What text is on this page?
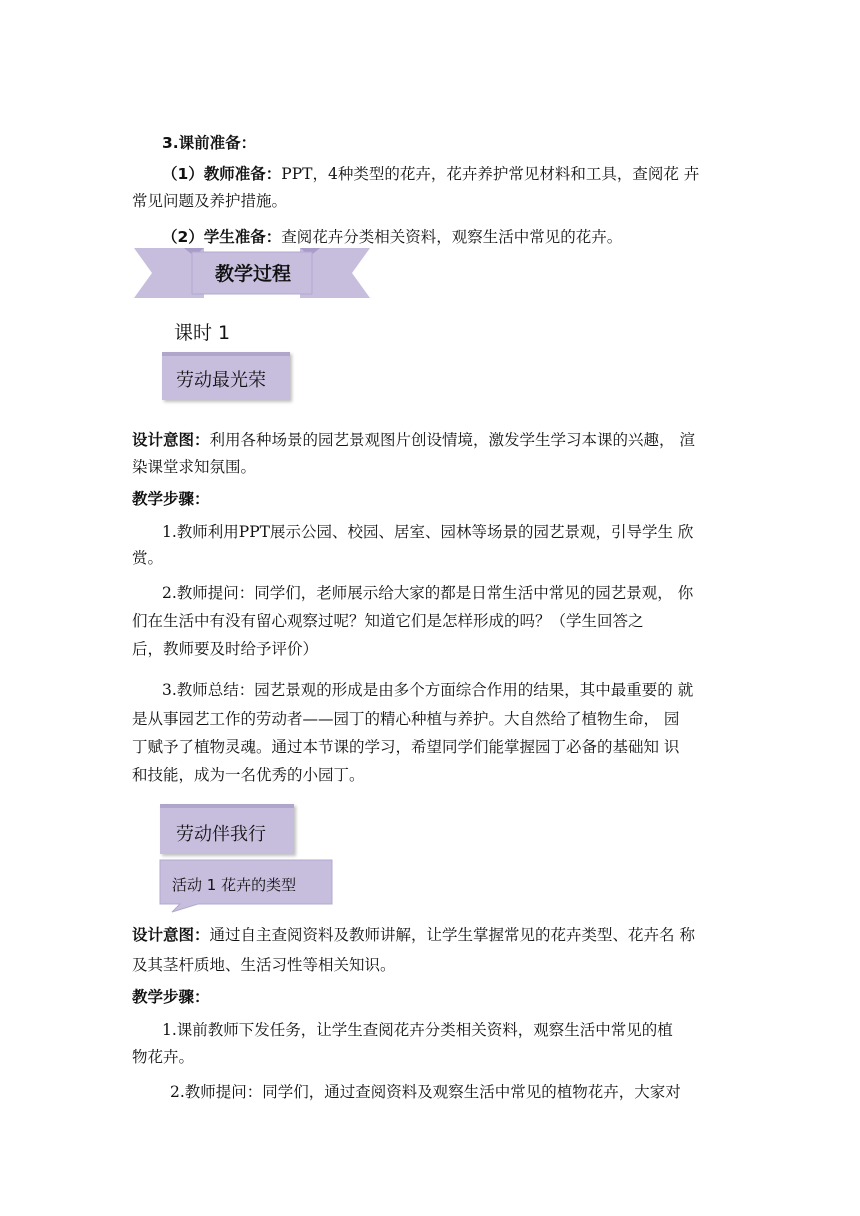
3.课前准备：
（1）教师准备：PPT，4种类型的花卉，花卉养护常见材料和工具，查阅花 卉
常见问题及养护措施。
（2）学生准备：查阅花卉分类相关资料，观察生活中常见的花卉。
教学过程
课时 1
劳动最光荣
设计意图：利用各种场景的园艺景观图片创设情境，激发学生学习本课的兴趣， 渲
染课堂求知氛围。
教学步骤：
1.教师利用PPT展示公园、校园、居室、园林等场景的园艺景观，引导学生 欣
赏。
2.教师提问：同学们，老师展示给大家的都是日常生活中常见的园艺景观， 你
们在生活中有没有留心观察过呢？知道它们是怎样形成的吗？（学生回答之
后，教师要及时给予评价）
3.教师总结：园艺景观的形成是由多个方面综合作用的结果，其中最重要的 就
是从事园艺工作的劳动者——园丁的精心种植与养护。大自然给了植物生命， 园
丁赋予了植物灵魂。通过本节课的学习，希望同学们能掌握园丁必备的基础知 识
和技能，成为一名优秀的小园丁。
劳动伴我行
活动 1 花卉的类型
设计意图：通过自主查阅资料及教师讲解，让学生掌握常见的花卉类型、花卉名 称
及其茎杆质地、生活习性等相关知识。
教学步骤：
1.课前教师下发任务，让学生查阅花卉分类相关资料，观察生活中常见的植
物花卉。
2.教师提问：同学们，通过查阅资料及观察生活中常见的植物花卉，大家对
